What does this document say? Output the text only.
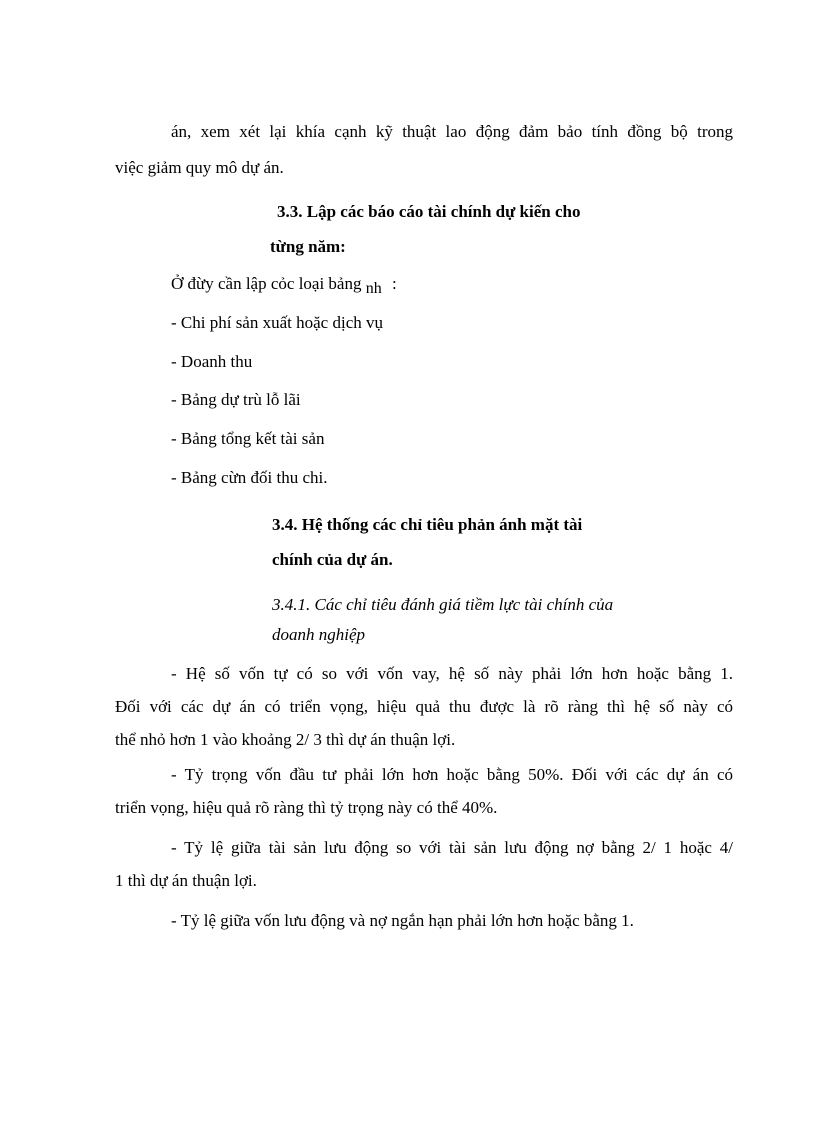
án, xem xét lại khía cạnh kỹ thuật lao động đảm bảo tính đồng bộ trong
việc giảm quy mô dự án.
3.3. Lập các báo cáo tài chính dự kiến cho
từng năm:
Ở đừy cần lập cỏc loại bảng nh :
- Chi phí sản xuất hoặc dịch vụ
- Doanh thu
- Bảng dự trù lỗ lãi
- Bảng tổng kết tài sản
- Bảng cừn đối thu chi.
3.4. Hệ thống các chỉ tiêu phản ánh mặt tài
chính của dự án.
3.4.1. Các chỉ tiêu đánh giá tiềm lực tài chính của
doanh nghiệp
- Hệ số vốn tự có so với vốn vay, hệ số này phải lớn hơn hoặc bằng 1.
Đối với các dự án có triển vọng, hiệu quả thu được là rõ ràng thì hệ số này có
thể nhỏ hơn 1 vào khoảng 2/ 3 thì dự án thuận lợi.
- Tỷ trọng vốn đầu tư phải lớn hơn hoặc bằng 50%. Đối với các dự án có
triển vọng, hiệu quả rõ ràng thì tỷ trọng này có thể 40%.
- Tỷ lệ giữa tài sản lưu động so với tài sản lưu động nợ bằng 2/ 1 hoặc 4/
1 thì dự án thuận lợi.
- Tỷ lệ giữa vốn lưu động và nợ ngắn hạn phải lớn hơn hoặc bằng 1.
